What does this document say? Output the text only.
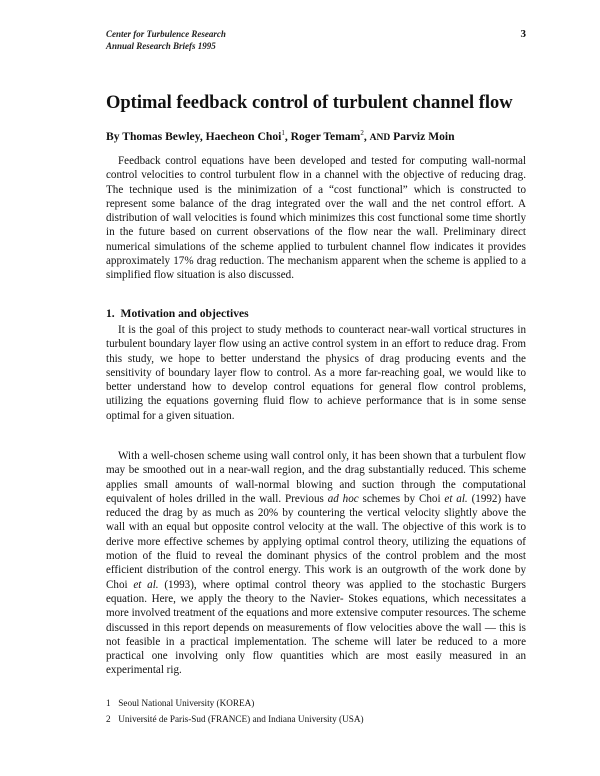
Center for Turbulence Research
Annual Research Briefs 1995
3
Optimal feedback control of turbulent channel flow
By Thomas Bewley, Haecheon Choi$^1$, Roger Temam$^2$, AND Parviz Moin

Feedback control equations have been developed and tested for computing wall-normal control velocities to control turbulent flow in a channel with the objective of reducing drag. The technique used is the minimization of a “cost functional” which is constructed to represent some balance of the drag integrated over the wall and the net control effort. A distribution of wall velocities is found which minimizes this cost functional some time shortly in the future based on current observations of the flow near the wall. Preliminary direct numerical simulations of the scheme applied to turbulent channel flow indicates it provides approximately 17% drag reduction. The mechanism apparent when the scheme is applied to a simplified flow situation is also discussed.

1. Motivation and objectives

It is the goal of this project to study methods to counteract near-wall vortical structures in turbulent boundary layer flow using an active control system in an effort to reduce drag. From this study, we hope to better understand the physics of drag producing events and the sensitivity of boundary layer flow to control. As a more far-reaching goal, we would like to better understand how to develop control equations for general flow control problems, utilizing the equations governing fluid flow to achieve performance that is in some sense optimal for a given situation.

With a well-chosen scheme using wall control only, it has been shown that a turbulent flow may be smoothed out in a near-wall region, and the drag substantially reduced. This scheme applies small amounts of wall-normal blowing and suction through the computational equivalent of holes drilled in the wall. Previous ad hoc schemes by Choi et al. (1992) have reduced the drag by as much as 20% by countering the vertical velocity slightly above the wall with an equal but opposite control velocity at the wall. The objective of this work is to derive more effective schemes by applying optimal control theory, utilizing the equations of motion of the fluid to reveal the dominant physics of the control problem and the most efficient distribution of the control energy. This work is an outgrowth of the work done by Choi et al. (1993), where optimal control theory was applied to the stochastic Burgers equation. Here, we apply the theory to the Navier- Stokes equations, which necessitates a more involved treatment of the equations and more extensive computer resources. The scheme discussed in this report depends on measurements of flow velocities above the wall — this is not feasible in a practical implementation. The scheme will later be reduced to a more practical one involving only flow quantities which are most easily measured in an experimental rig.

1 Seoul National University (KOREA)
2 Université de Paris-Sud (FRANCE) and Indiana University (USA)
